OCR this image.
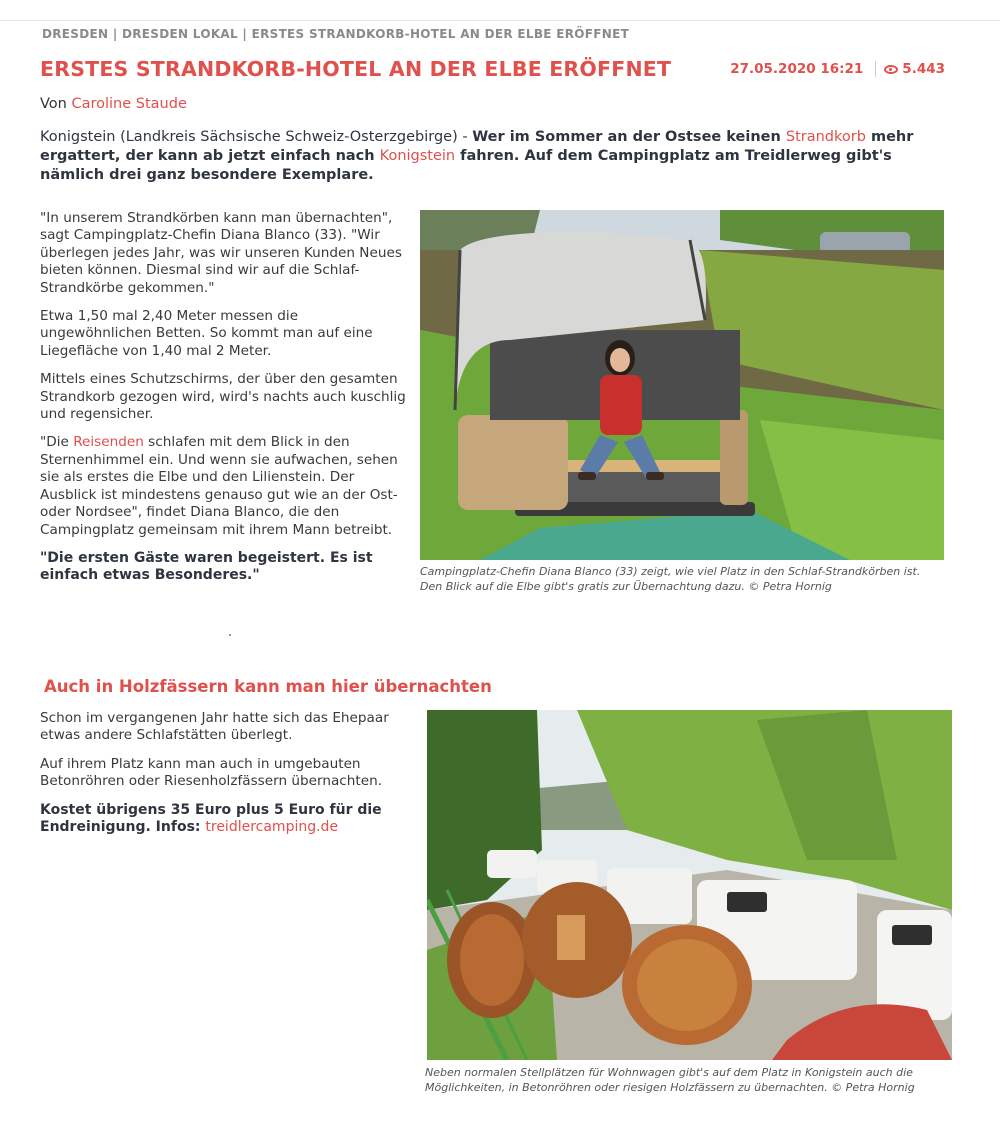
DRESDEN | DRESDEN LOKAL | ERSTES STRANDKORB-HOTEL AN DER ELBE ERÖFFNET
ERSTES STRANDKORB-HOTEL AN DER ELBE ERÖFFNET	27.05.2020 16:21	5.443
Von Caroline Staude
Konigstein (Landkreis Sächsische Schweiz-Osterzgebirge) - Wer im Sommer an der Ostsee keinen Strandkorb mehr ergattert, der kann ab jetzt einfach nach Konigstein fahren. Auf dem Campingplatz am Treidlerweg gibt's nämlich drei ganz besondere Exemplare.

"In unserem Strandkörben kann man übernachten", sagt Campingplatz-Chefin Diana Blanco (33). "Wir überlegen jedes Jahr, was wir unseren Kunden Neues bieten können. Diesmal sind wir auf die Schlaf-Strandkörbe gekommen."

Etwa 1,50 mal 2,40 Meter messen die ungewöhnlichen Betten. So kommt man auf eine Liegefläche von 1,40 mal 2 Meter.

Mittels eines Schutzschirms, der über den gesamten Strandkorb gezogen wird, wird's nachts auch kuschlig und regensicher.

"Die Reisenden schlafen mit dem Blick in den Sternenhimmel ein. Und wenn sie aufwachen, sehen sie als erstes die Elbe und den Lilienstein. Der Ausblick ist mindestens genauso gut wie an der Ost- oder Nordsee", findet Diana Blanco, die den Campingplatz gemeinsam mit ihrem Mann betreibt.

"Die ersten Gäste waren begeistert. Es ist einfach etwas Besonderes."	Campingplatz-Chefin Diana Blanco (33) zeigt, wie viel Platz in den Schlaf-Strandkörben ist. Den Blick auf die Elbe gibt's gratis zur Übernachtung dazu. © Petra Hornig
Auch in Holzfässern kann man hier übernachten

Schon im vergangenen Jahr hatte sich das Ehepaar etwas andere Schlafstätten überlegt.

Auf ihrem Platz kann man auch in umgebauten Betonröhren oder Riesenholzfässern übernachten.

Kostet übrigens 35 Euro plus 5 Euro für die Endreinigung. Infos: treidlercamping.de

Neben normalen Stellplätzen für Wohnwagen gibt's auf dem Platz in Konigstein auch die Möglichkeiten, in Betonröhren oder riesigen Holzfässern zu übernachten. © Petra Hornig
